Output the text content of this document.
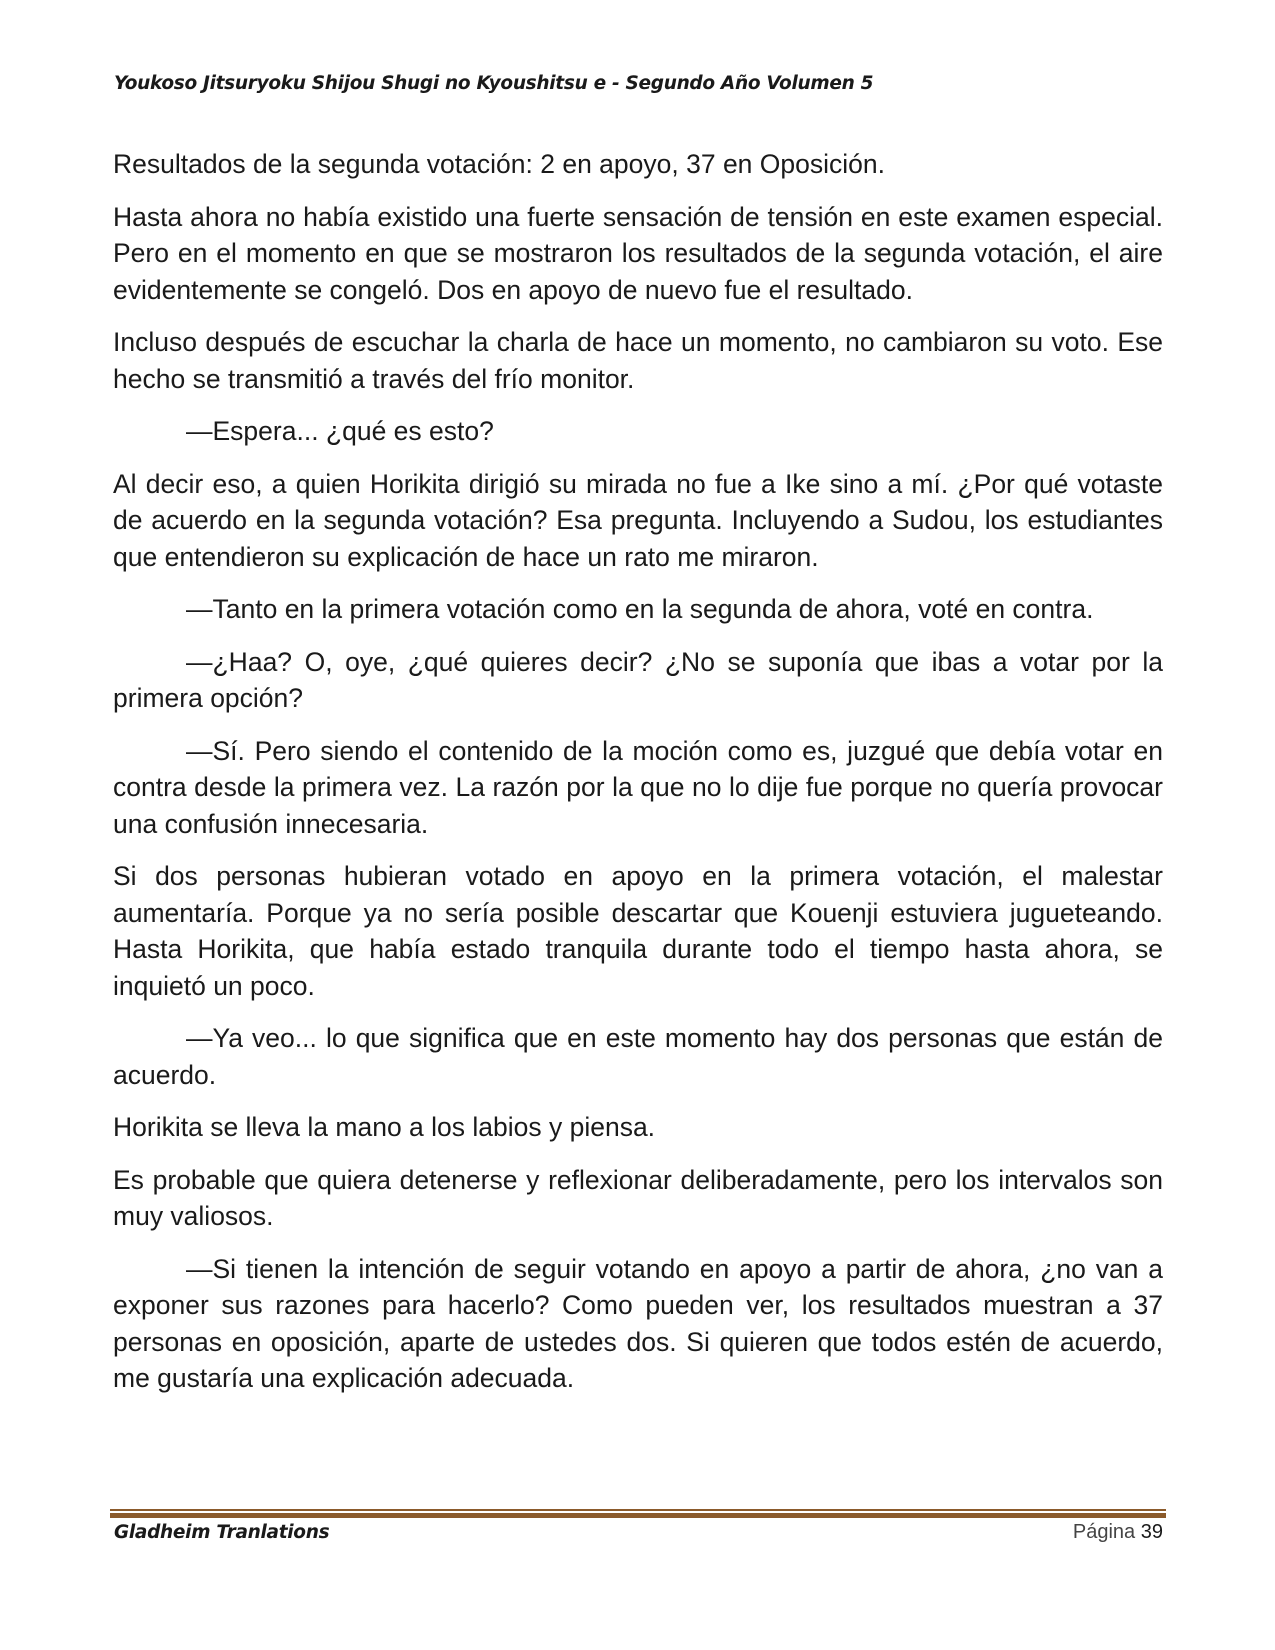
Youkoso Jitsuryoku Shijou Shugi no Kyoushitsu e - Segundo Año Volumen 5

Resultados de la segunda votación: 2 en apoyo, 37 en Oposición.

Hasta ahora no había existido una fuerte sensación de tensión en este examen especial. Pero en el momento en que se mostraron los resultados de la segunda votación, el aire evidentemente se congeló. Dos en apoyo de nuevo fue el resultado.

Incluso después de escuchar la charla de hace un momento, no cambiaron su voto. Ese hecho se transmitió a través del frío monitor.

—Espera... ¿qué es esto?

Al decir eso, a quien Horikita dirigió su mirada no fue a Ike sino a mí. ¿Por qué votaste de acuerdo en la segunda votación? Esa pregunta. Incluyendo a Sudou, los estudiantes que entendieron su explicación de hace un rato me miraron.

—Tanto en la primera votación como en la segunda de ahora, voté en contra.

—¿Haa? O, oye, ¿qué quieres decir? ¿No se suponía que ibas a votar por la primera opción?

—Sí. Pero siendo el contenido de la moción como es, juzgué que debía votar en contra desde la primera vez. La razón por la que no lo dije fue porque no quería provocar una confusión innecesaria.

Si dos personas hubieran votado en apoyo en la primera votación, el malestar aumentaría. Porque ya no sería posible descartar que Kouenji estuviera jugueteando. Hasta Horikita, que había estado tranquila durante todo el tiempo hasta ahora, se inquietó un poco.

—Ya veo... lo que significa que en este momento hay dos personas que están de acuerdo.

Horikita se lleva la mano a los labios y piensa.

Es probable que quiera detenerse y reflexionar deliberadamente, pero los intervalos son muy valiosos.

—Si tienen la intención de seguir votando en apoyo a partir de ahora, ¿no van a exponer sus razones para hacerlo? Como pueden ver, los resultados muestran a 37 personas en oposición, aparte de ustedes dos. Si quieren que todos estén de acuerdo, me gustaría una explicación adecuada.

Gladheim Tranlations	Página 39
